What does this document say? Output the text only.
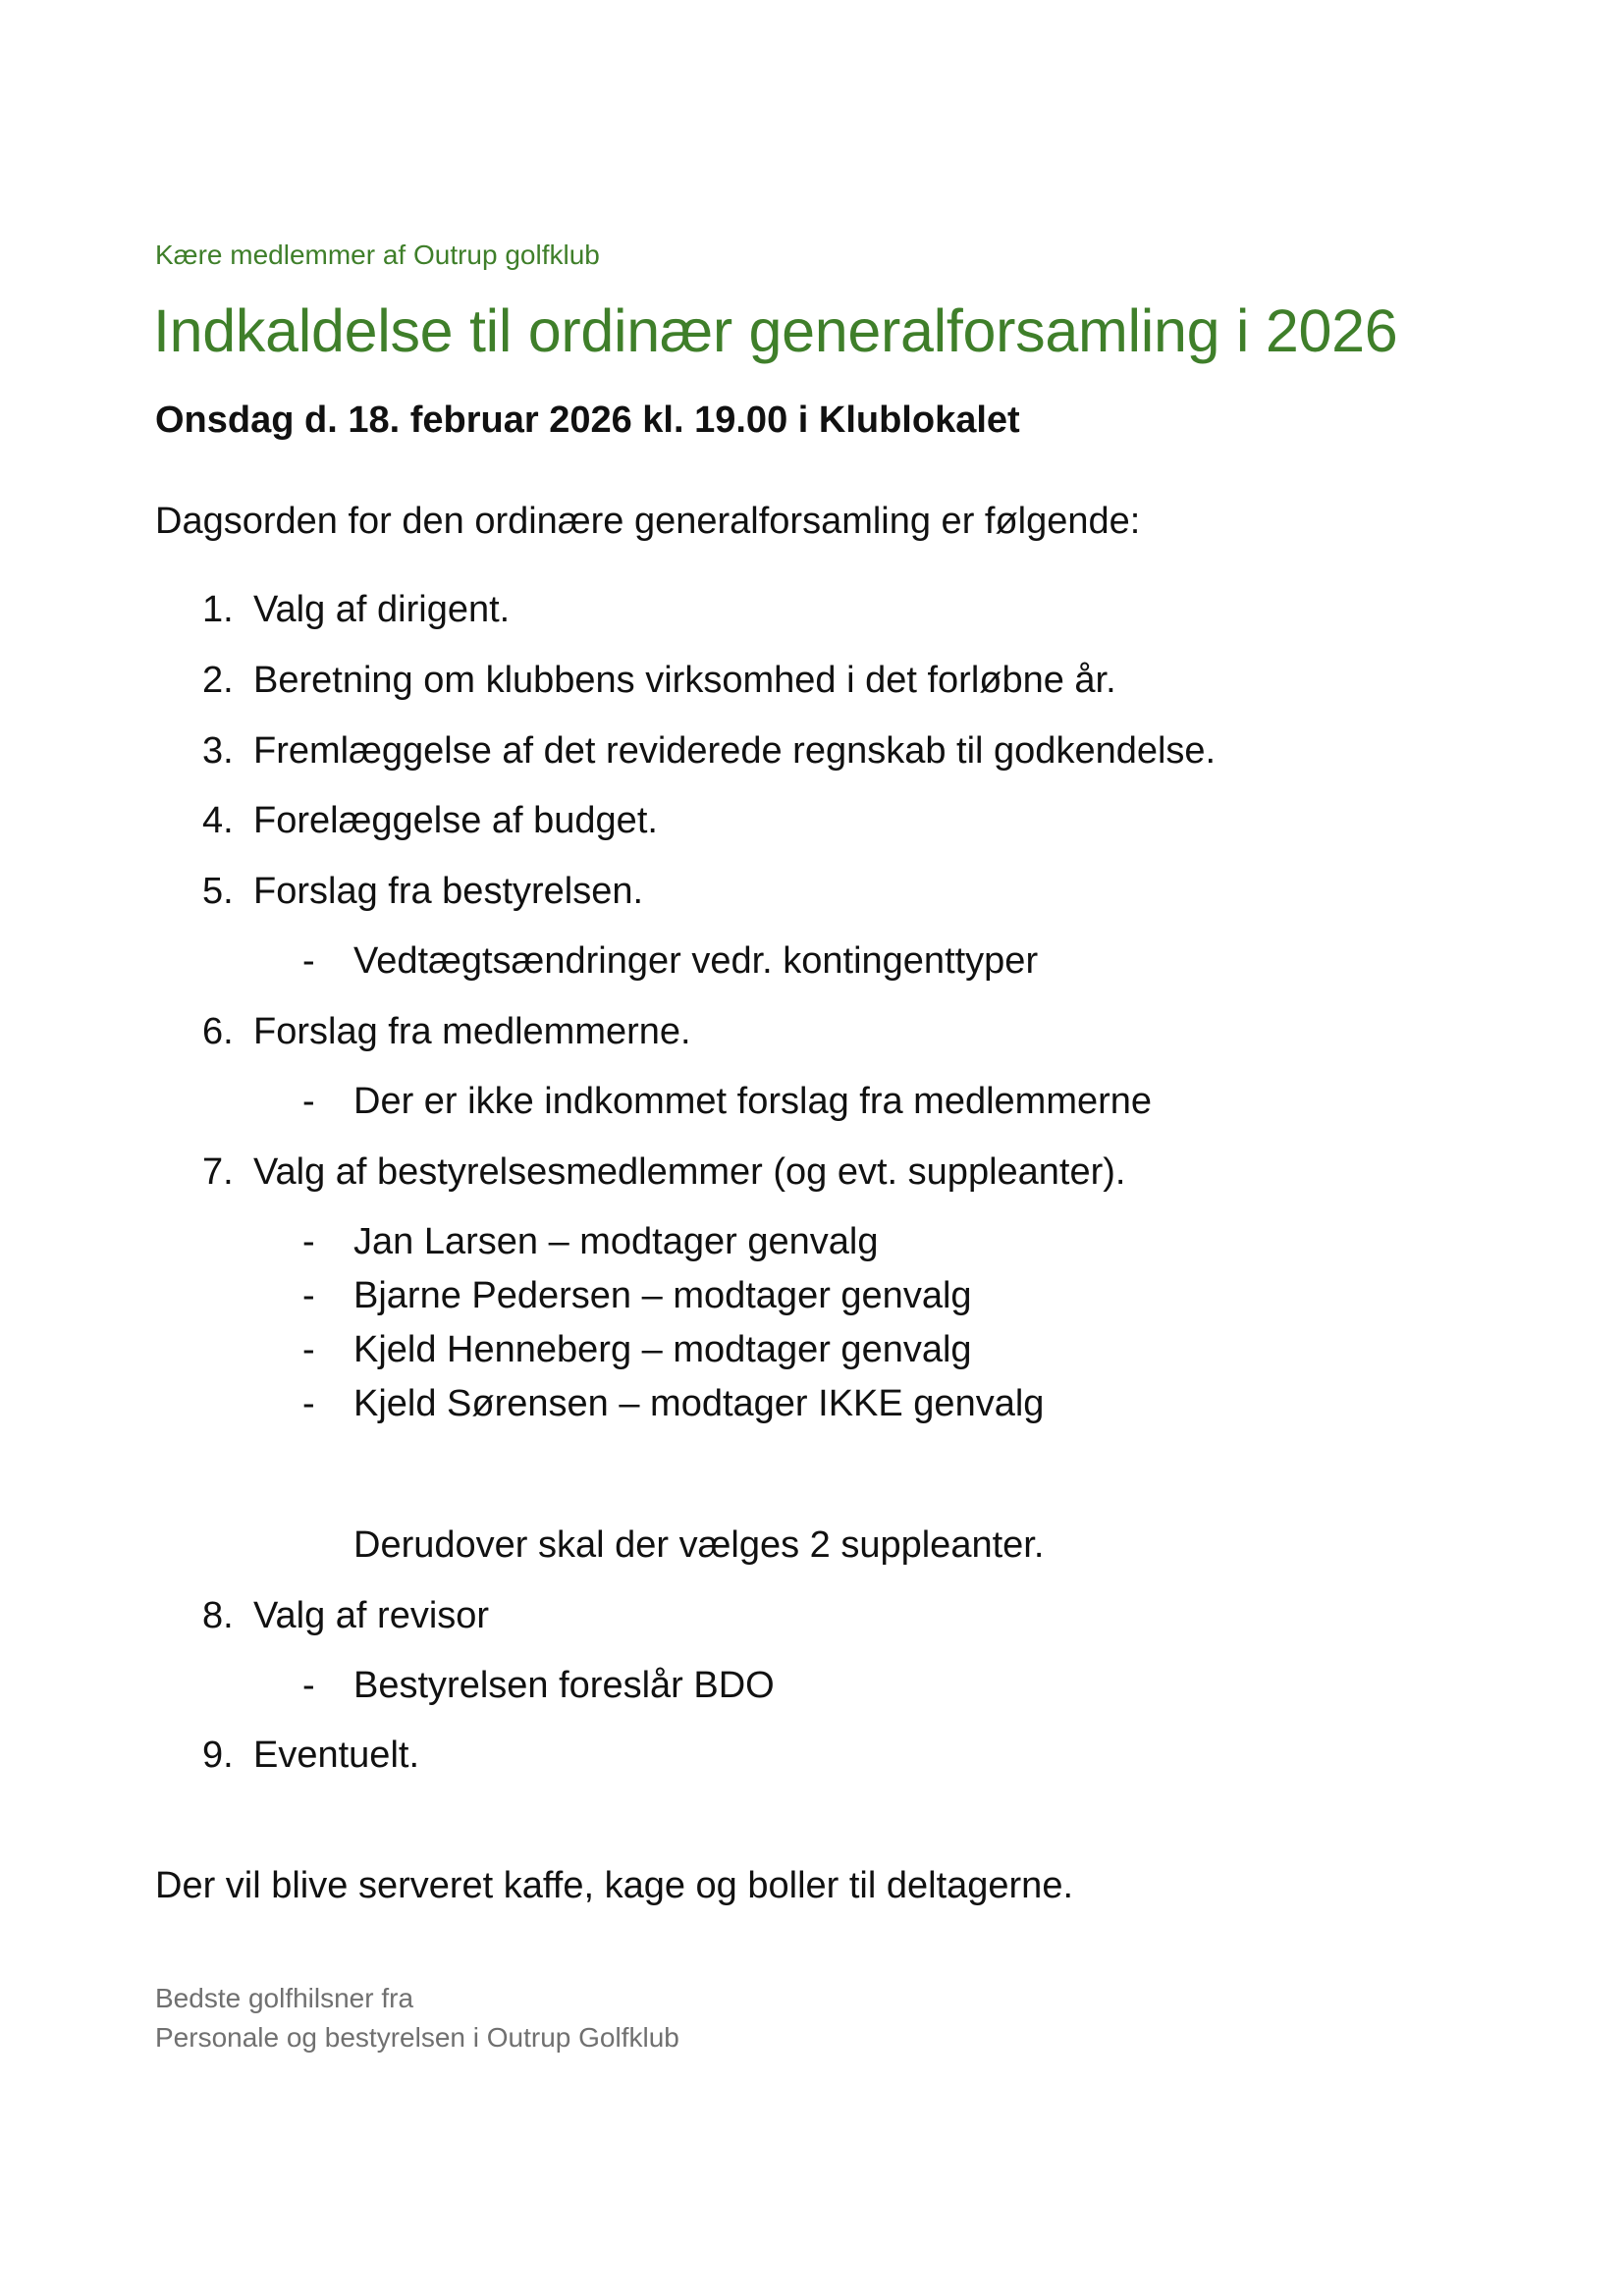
Kære medlemmer af Outrup golfklub
Indkaldelse til ordinær generalforsamling i 2026
Onsdag d. 18. februar 2026 kl. 19.00 i Klublokalet
Dagsorden for den ordinære generalforsamling er følgende:
1. Valg af dirigent.
2. Beretning om klubbens virksomhed i det forløbne år.
3. Fremlæggelse af det reviderede regnskab til godkendelse.
4. Forelæggelse af budget.
5. Forslag fra bestyrelsen.
- Vedtægtsændringer vedr. kontingenttyper
6. Forslag fra medlemmerne.
- Der er ikke indkommet forslag fra medlemmerne
7. Valg af bestyrelsesmedlemmer (og evt. suppleanter).
- Jan Larsen – modtager genvalg
- Bjarne Pedersen – modtager genvalg
- Kjeld Henneberg – modtager genvalg
- Kjeld Sørensen – modtager IKKE genvalg
Derudover skal der vælges 2 suppleanter.
8. Valg af revisor
- Bestyrelsen foreslår BDO
9. Eventuelt.
Der vil blive serveret kaffe, kage og boller til deltagerne.
Bedste golfhilsner fra
Personale og bestyrelsen i Outrup Golfklub
